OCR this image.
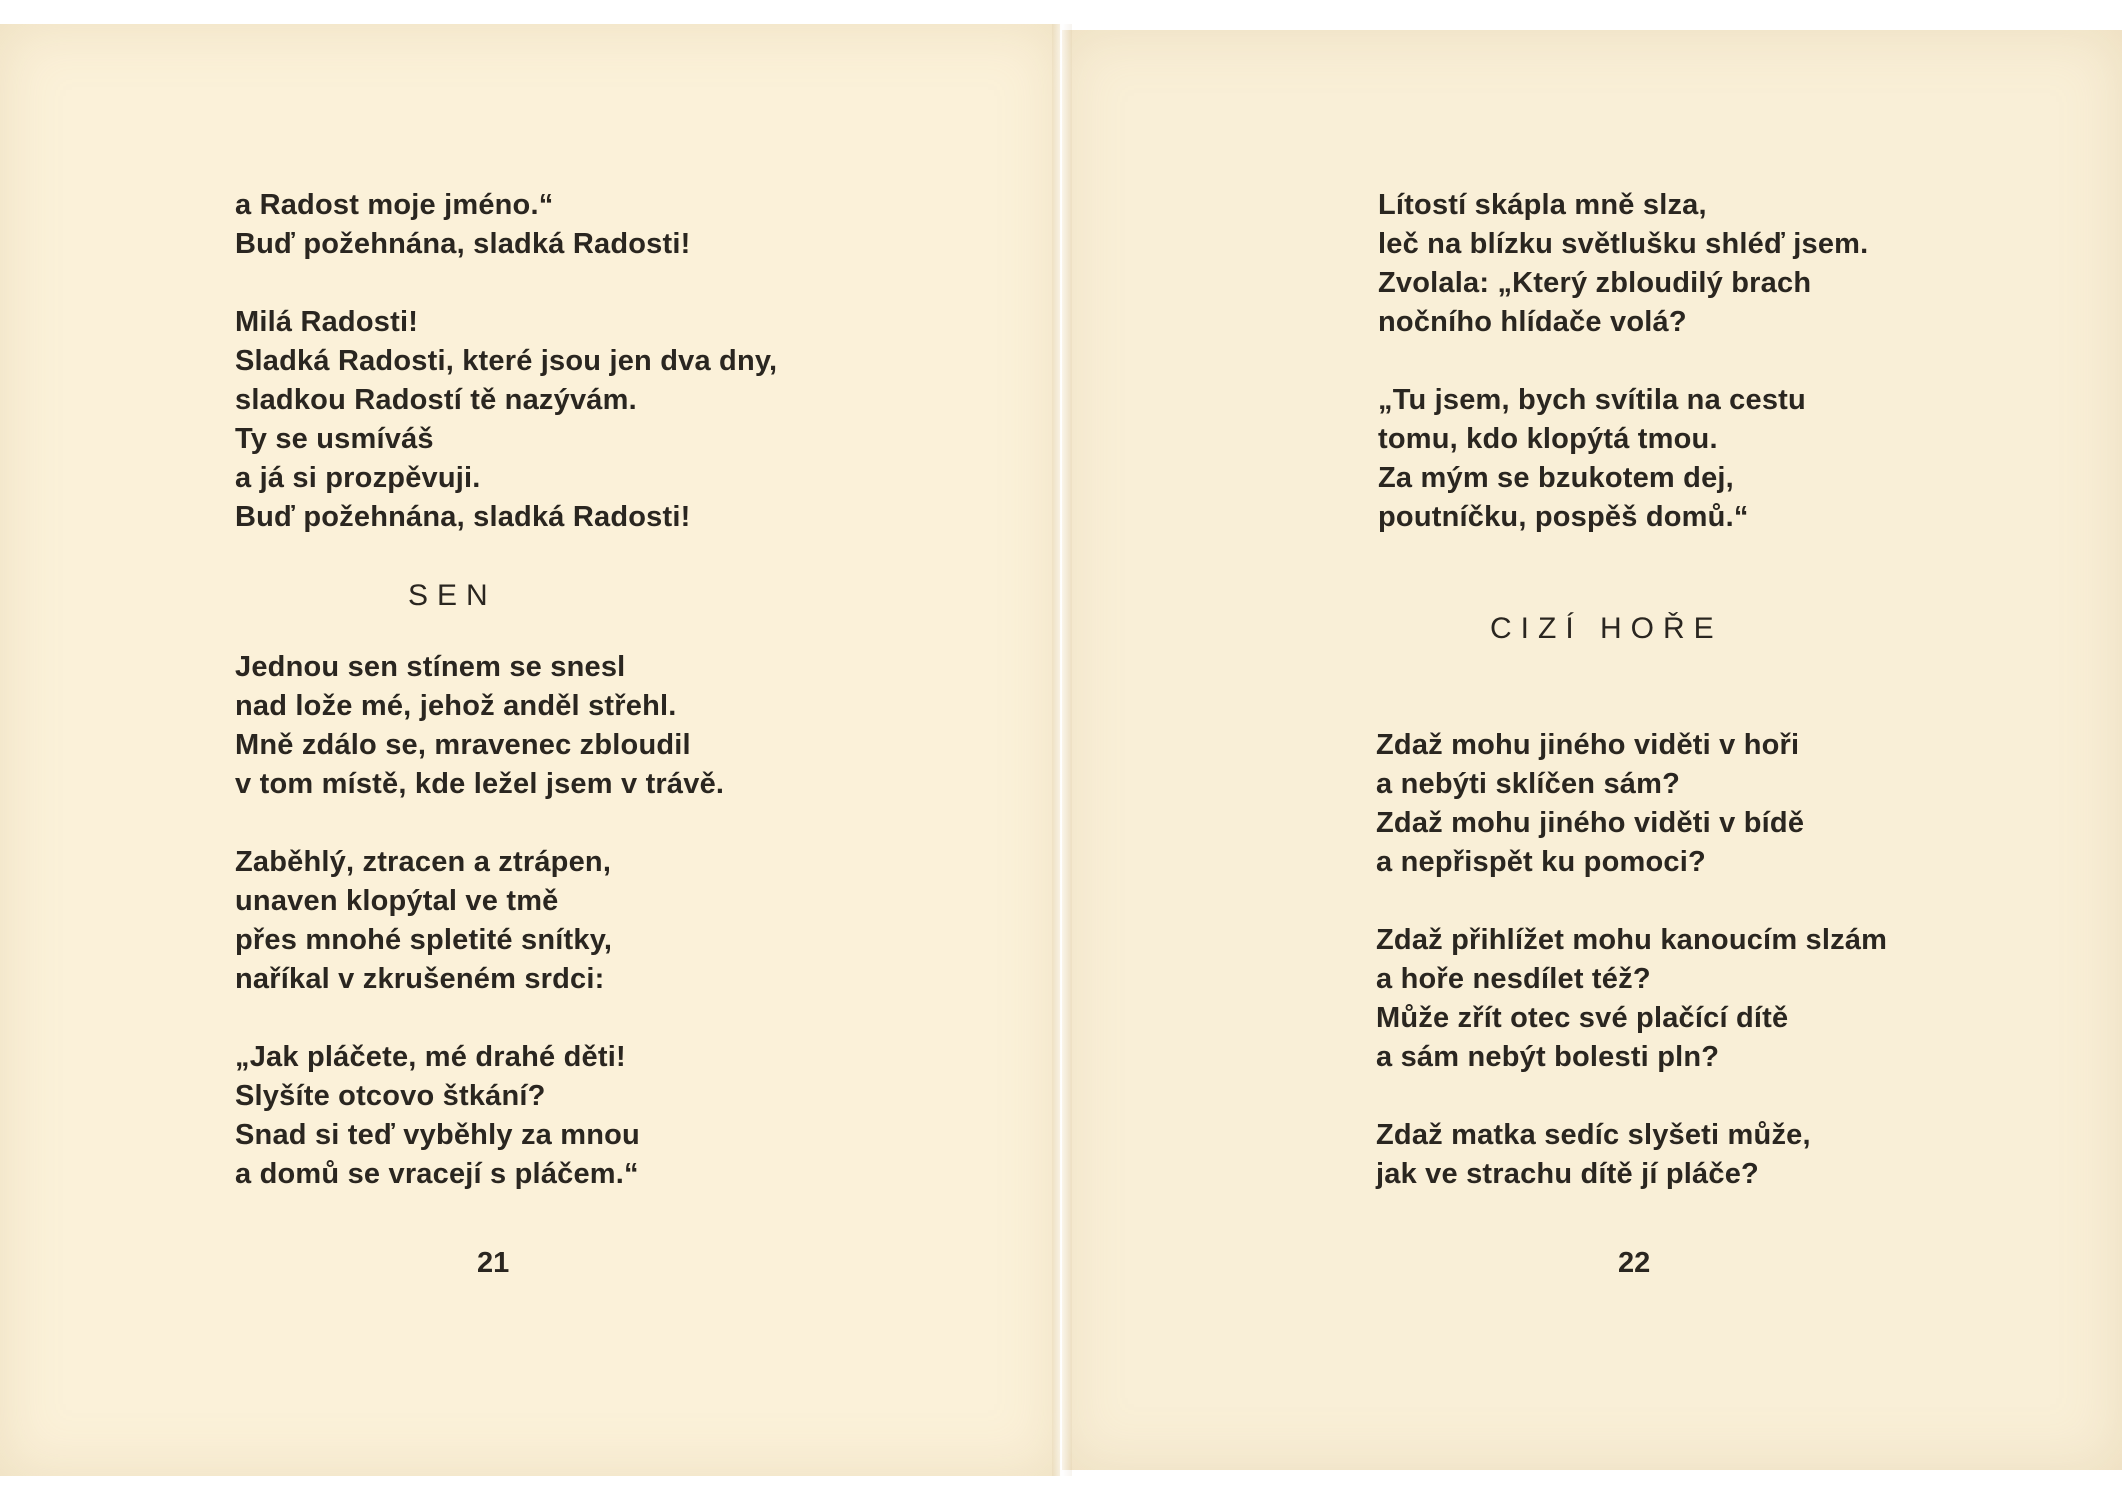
a Radost moje jméno.“
Buď požehnána, sladká Radosti!
Milá Radosti!
Sladká Radosti, které jsou jen dva dny,
sladkou Radostí tě nazývám.
Ty se usmíváš
a já si prozpěvuji.
Buď požehnána, sladká Radosti!
SEN
Jednou sen stínem se snesl
nad lože mé, jehož anděl střehl.
Mně zdálo se, mravenec zbloudil
v tom místě, kde ležel jsem v trávě.
Zaběhlý, ztracen a ztrápen,
unaven klopýtal ve tmě
přes mnohé spletité snítky,
naříkal v zkrušeném srdci:
„Jak pláčete, mé drahé děti!
Slyšíte otcovo štkání?
Snad si teď vyběhly za mnou
a domů se vracejí s pláčem.“
21
Lítostí skápla mně slza,
leč na blízku světlušku shléď jsem.
Zvolala: „Který zbloudilý brach
nočního hlídače volá?
„Tu jsem, bych svítila na cestu
tomu, kdo klopýtá tmou.
Za mým se bzukotem dej,
poutníčku, pospěš domů.“
CIZÍ HOŘE
Zdaž mohu jiného viděti v hoři
a nebýti sklíčen sám?
Zdaž mohu jiného viděti v bídě
a nepřispět ku pomoci?
Zdaž přihlížet mohu kanoucím slzám
a hoře nesdílet též?
Může zřít otec své plačící dítě
a sám nebýt bolesti pln?
Zdaž matka sedíc slyšeti může,
jak ve strachu dítě jí pláče?
22
